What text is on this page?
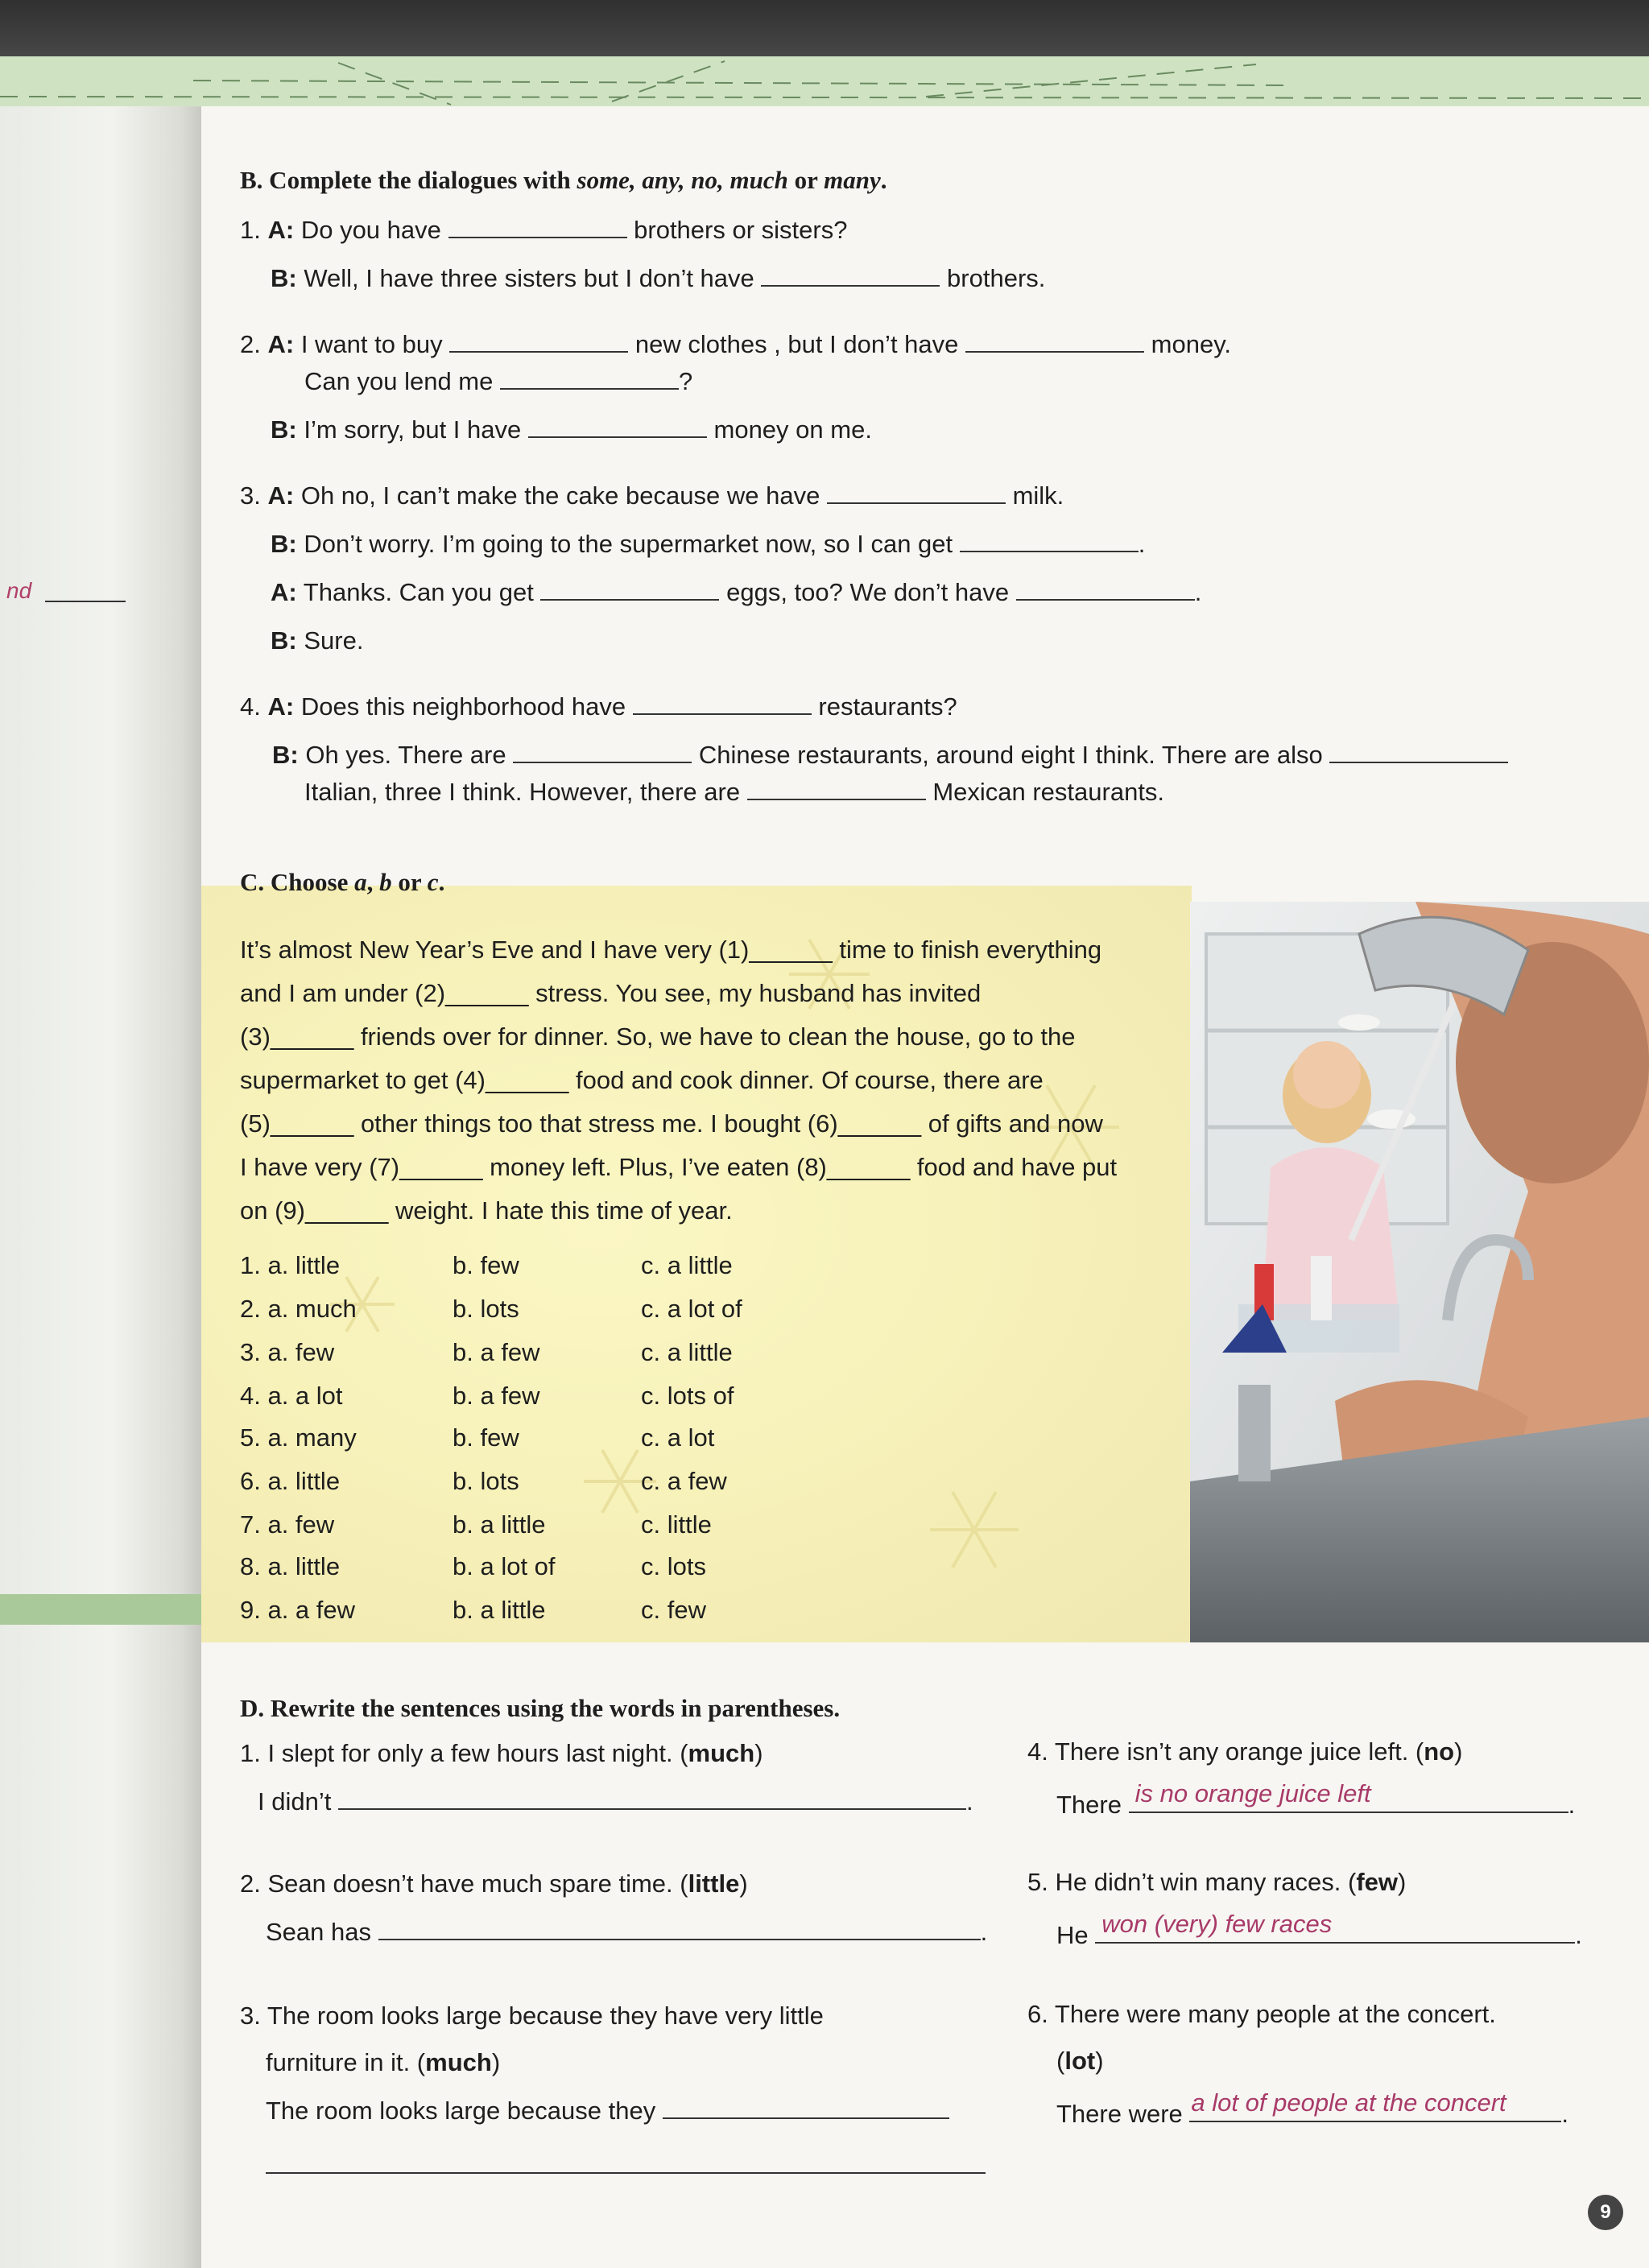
nd
B. Complete the dialogues with some, any, no, much or many.
1. A: Do you have	brothers or sisters?
B: Well, I have three sisters but I don’t have	brothers.
2. A: I want to buy	new clothes , but I don’t have	money.
Can you lend me	?
B: I’m sorry, but I have	money on me.
3. A: Oh no, I can’t make the cake because we have	milk.
B: Don’t worry. I’m going to the supermarket now, so I can get	.
A: Thanks. Can you get	eggs, too? We don’t have	.
B: Sure.
4. A: Does this neighborhood have	restaurants?
B: Oh yes. There are	Chinese restaurants, around eight I think. There are also
Italian, three I think. However, there are	Mexican restaurants.
C. Choose a, b or c.
It’s almost New Year’s Eve and I have very (1)______ time to finish everything
and I am under (2)______ stress. You see, my husband has invited
(3)______ friends over for dinner. So, we have to clean the house, go to the
supermarket to get (4)______ food and cook dinner. Of course, there are
(5)______ other things too that stress me. I bought (6)______ of gifts and now
I have very (7)______ money left. Plus, I’ve eaten (8)______ food and have put
on (9)______ weight. I hate this time of year.
1. a. little	b. few	c. a little
2. a. much	b. lots	c. a lot of
3. a. few	b. a few	c. a little
4. a. a lot	b. a few	c. lots of
5. a. many	b. few	c. a lot
6. a. little	b. lots	c. a few
7. a. few	b. a little	c. little
8. a. little	b. a lot of	c. lots
9. a. a few	b. a little	c. few
D. Rewrite the sentences using the words in parentheses.
1. I slept for only a few hours last night. (much)
I didn’t	.
2. Sean doesn’t have much spare time. (little)
Sean has	.
3. The room looks large because they have very little
furniture in it. (much)
The room looks large because they
4. There isn’t any orange juice left. (no)
There is no orange juice left	.
5. He didn’t win many races. (few)
He won (very) few races	.
6. There were many people at the concert.
(lot)
There were a lot of people at the concert .
9
